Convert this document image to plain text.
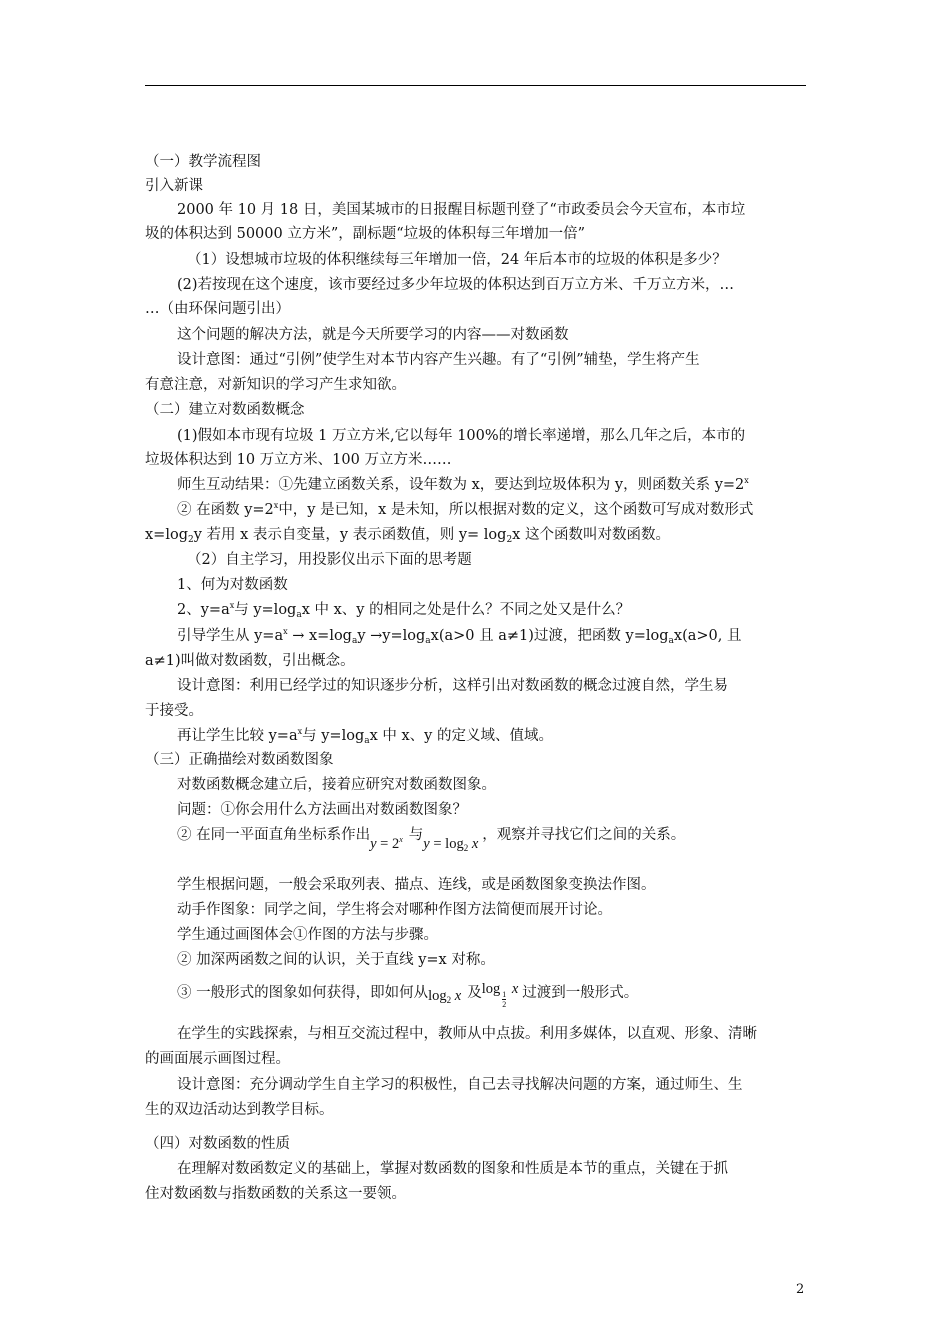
（一）教学流程图
引入新课
2000 年 10 月 18 日，美国某城市的日报醒目标题刊登了“市政委员会今天宣布，本市垃
圾的体积达到 50000 立方米”，副标题“垃圾的体积每三年增加一倍”
（1）设想城市垃圾的体积继续每三年增加一倍，24 年后本市的垃圾的体积是多少？
(2)若按现在这个速度，该市要经过多少年垃圾的体积达到百万立方米、千万立方米，…
…（由环保问题引出）
这个问题的解决方法，就是今天所要学习的内容——对数函数
设计意图：通过“引例”使学生对本节内容产生兴趣。有了“引例”辅垫，学生将产生
有意注意，对新知识的学习产生求知欲。
（二）建立对数函数概念
(1)假如本市现有垃圾 1 万立方米,它以每年 100%的增长率递增，那么几年之后，本市的
垃圾体积达到 10 万立方米、100 万立方米……
师生互动结果：①先建立函数关系，设年数为 x，要达到垃圾体积为 y，则函数关系 $y=2^x$
② 在函数 $y=2^x$中，y 是已知，x 是未知，所以根据对数的定义，这个函数可写成对数形式
$x=\log_2y$ 若用 x 表示自变量，y 表示函数值，则 $y= \log_2x$ 这个函数叫对数函数。
（2）自主学习，用投影仪出示下面的思考题
1、何为对数函数
2、$y=a^x$与 $y=\log_ax$ 中 x、y 的相同之处是什么？不同之处又是什么？
引导学生从 $y=a^x \to x=\log_ay \to y=\log_ax(a>0$ 且 a≠1)过渡，把函数 $y=\log_ax(a>0$, 且
a≠1)叫做对数函数，引出概念。
设计意图：利用已经学过的知识逐步分析，这样引出对数函数的概念过渡自然，学生易
于接受。
再让学生比较 $y=a^x$与 $y=\log_ax$ 中 x、y 的定义域、值域。
（三）正确描绘对数函数图象
对数函数概念建立后，接着应研究对数函数图象。
问题：①你会用什么方法画出对数函数图象？
② 在同一平面直角坐标系作出$y = 2^x$ 与$y = \log_2 x$，观察并寻找它们之间的关系。
学生根据问题，一般会采取列表、描点、连线，或是函数图象变换法作图。
动手作图象：同学之间，学生将会对哪种作图方法简便而展开讨论。
学生通过画图体会①作图的方法与步骤。
② 加深两函数之间的认识，关于直线 y=x 对称。
③ 一般形式的图象如何获得，即如何从$\log_2 x$ 及log
$\frac{1}{2}$
x 过渡到一般形式。
在学生的实践探索，与相互交流过程中，教师从中点拔。利用多媒体，以直观、形象、清晰
的画面展示画图过程。
设计意图：充分调动学生自主学习的积极性，自己去寻找解决问题的方案，通过师生、生
生的双边活动达到教学目标。
（四）对数函数的性质
在理解对数函数定义的基础上，掌握对数函数的图象和性质是本节的重点，关键在于抓
住对数函数与指数函数的关系这一要领。
2
